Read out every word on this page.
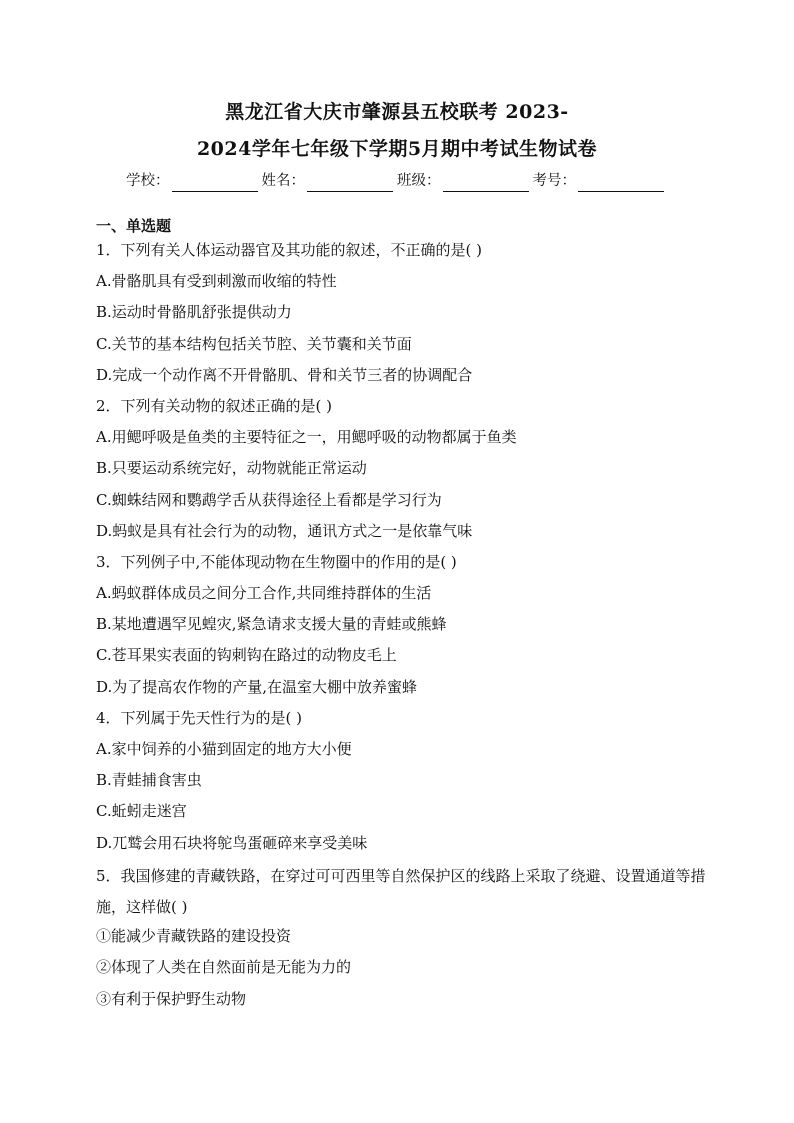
黑龙江省大庆市肇源县五校联考 2023-
2024学年七年级下学期5月期中考试生物试卷
学校：	姓名：	班级：	考号：
一、单选题
1．下列有关人体运动器官及其功能的叙述，不正确的是( )
A.骨骼肌具有受到刺激而收缩的特性
B.运动时骨骼肌舒张提供动力
C.关节的基本结构包括关节腔、关节囊和关节面
D.完成一个动作离不开骨骼肌、骨和关节三者的协调配合
2．下列有关动物的叙述正确的是( )
A.用鳃呼吸是鱼类的主要特征之一，用鳃呼吸的动物都属于鱼类
B.只要运动系统完好，动物就能正常运动
C.蜘蛛结网和鹦鹉学舌从获得途径上看都是学习行为
D.蚂蚁是具有社会行为的动物，通讯方式之一是依靠气味
3．下列例子中,不能体现动物在生物圈中的作用的是( )
A.蚂蚁群体成员之间分工合作,共同维持群体的生活
B.某地遭遇罕见蝗灾,紧急请求支援大量的青蛙或熊蜂
C.苍耳果实表面的钩刺钩在路过的动物皮毛上
D.为了提高农作物的产量,在温室大棚中放养蜜蜂
4．下列属于先天性行为的是( )
A.家中饲养的小猫到固定的地方大小便
B.青蛙捕食害虫
C.蚯蚓走迷宫
D.兀鹫会用石块将鸵鸟蛋砸碎来享受美味
5．我国修建的青藏铁路，在穿过可可西里等自然保护区的线路上采取了绕避、设置通道等措施，这样做( )
①能减少青藏铁路的建设投资
②体现了人类在自然面前是无能为力的
③有利于保护野生动物
